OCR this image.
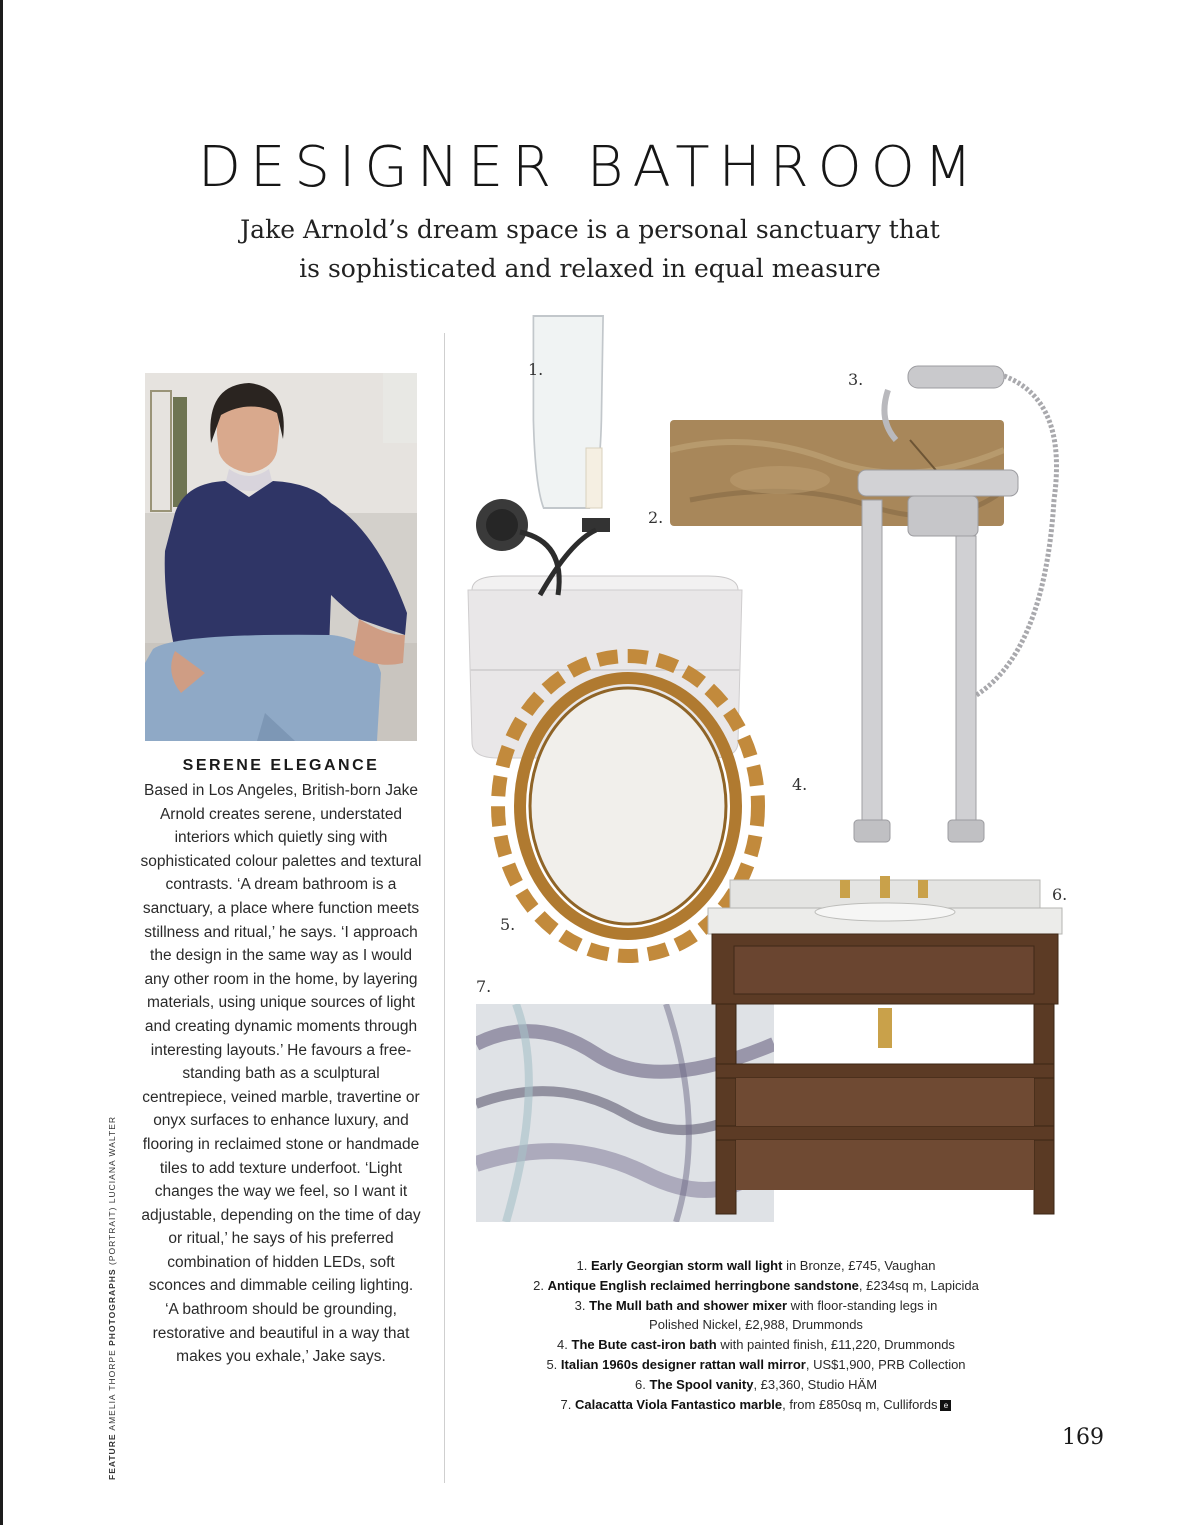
DESIGNER BATHROOM
Jake Arnold’s dream space is a personal sanctuary that
is sophisticated and relaxed in equal measure
SERENE ELEGANCE
Based in Los Angeles, British-born Jake Arnold creates serene, understated interiors which quietly sing with sophisticated colour palettes and textural contrasts. ‘A dream bathroom is a sanctuary, a place where function meets stillness and ritual,’ he says. ‘I approach the design in the same way as I would any other room in the home, by layering materials, using unique sources of light and creating dynamic moments through interesting layouts.’ He favours a free-standing bath as a sculptural centrepiece, veined marble, travertine or onyx surfaces to enhance luxury, and flooring in reclaimed stone or handmade tiles to add texture underfoot. ‘Light changes the way we feel, so I want it adjustable, depending on the time of day or ritual,’ he says of his preferred combination of hidden LEDs, soft sconces and dimmable ceiling lighting. ‘A bathroom should be grounding, restorative and beautiful in a way that makes you exhale,’ Jake says.
FEATURE AMELIA THORPE PHOTOGRAPHS (PORTRAIT) LUCIANA WALTER
1.
2.
3.
4.
5.
6.
7.
1. Early Georgian storm wall light in Bronze, £745, Vaughan
2. Antique English reclaimed herringbone sandstone, £234sq m, Lapicida
3. The Mull bath and shower mixer with floor-standing legs in
Polished Nickel, £2,988, Drummonds
4. The Bute cast-iron bath with painted finish, £11,220, Drummonds
5. Italian 1960s designer rattan wall mirror, US$1,900, PRB Collection
6. The Spool vanity, £3,360, Studio HÄM
7. Calacatta Viola Fantastico marble, from £850sq m, Cullifords e
169
